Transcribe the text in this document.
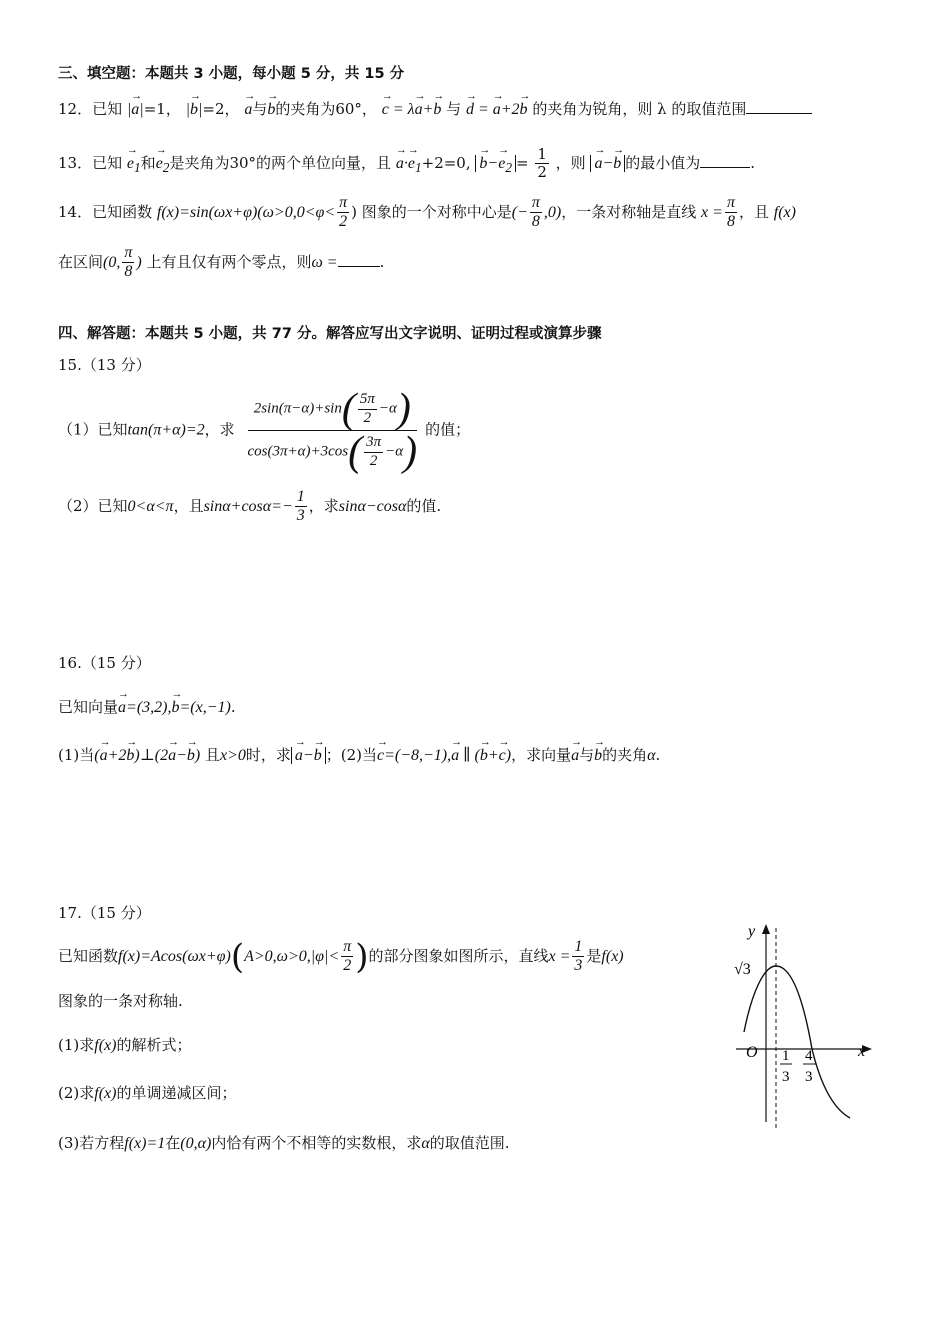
三、填空题：本题共 3 小题，每小题 5 分，共 15 分
12．已知 |→ a|=1， |→ b|=2， → a与→ b的夹角为60°， → c = λ→ a+→ b 与 → d = → a+2→ b 的夹角为锐角，则 λ 的取值范围
13．已知 → $e_1$和→ $e_2$是夹角为30°的两个单位向量，且 → $a\cdot\to e_1+2=0$, → $b-\to e_2 = \frac{1}{2}$ ，则 → a−→ b 的最小值为	.
14．已知函数 $f(x)=\sin(\omega x+\varphi)(\omega>0,0<\varphi< \frac{\pi}{2}$ ) 图象的一个对称中心是(− $\frac{\pi}{8} ,0$)，一条对称轴是直线 $x = \frac{\pi}{8}$ ，且 f(x)
在区间(0, $\frac{\pi}{8}$ ) 上有且仅有两个零点，则ω =	.
四、解答题：本题共 5 小题，共 77 分。解答应写出文字说明、证明过程或演算步骤
15.（13 分）
（1）已知tan(π+α)=2，求 $\frac{2\sin(\pi-\alpha)+\sin( \frac{5\pi}{2} -\alpha)}{\cos(3\pi+\alpha)+3\cos( \frac{3\pi}{2} -\alpha)}$ 的值；
（2）已知0<α<π，且$\sin\alpha+\cos\alpha=- \frac{1}{3}$ ，求sinα−cosα的值.
16.（15 分）
已知向量→ a=(3,2),→ b=(x,−1).
(1)当(→ a+2→ b)⊥(2→ a−→ b) 且x>0时，求 → a−→ b ；(2)当→ c=(−8,−1),→ a ∥ (→ b+→ c)，求向量→ a与→ b的夹角α.
17.（15 分）
已知函数$f(x)=Acos(\omega x+\varphi)(A>0,\omega>0,|\varphi|< \frac{\pi}{2}$ )的部分图象如图所示，直线$x = \frac{1}{3}$ 是f(x)
图象的一条对称轴.
(1)求f(x)的解析式；
(2)求f(x)的单调递减区间；
(3)若方程f(x)=1在(0,α)内恰有两个不相等的实数根，求α的取值范围.
y
x
O
√3
1
3
4
3
